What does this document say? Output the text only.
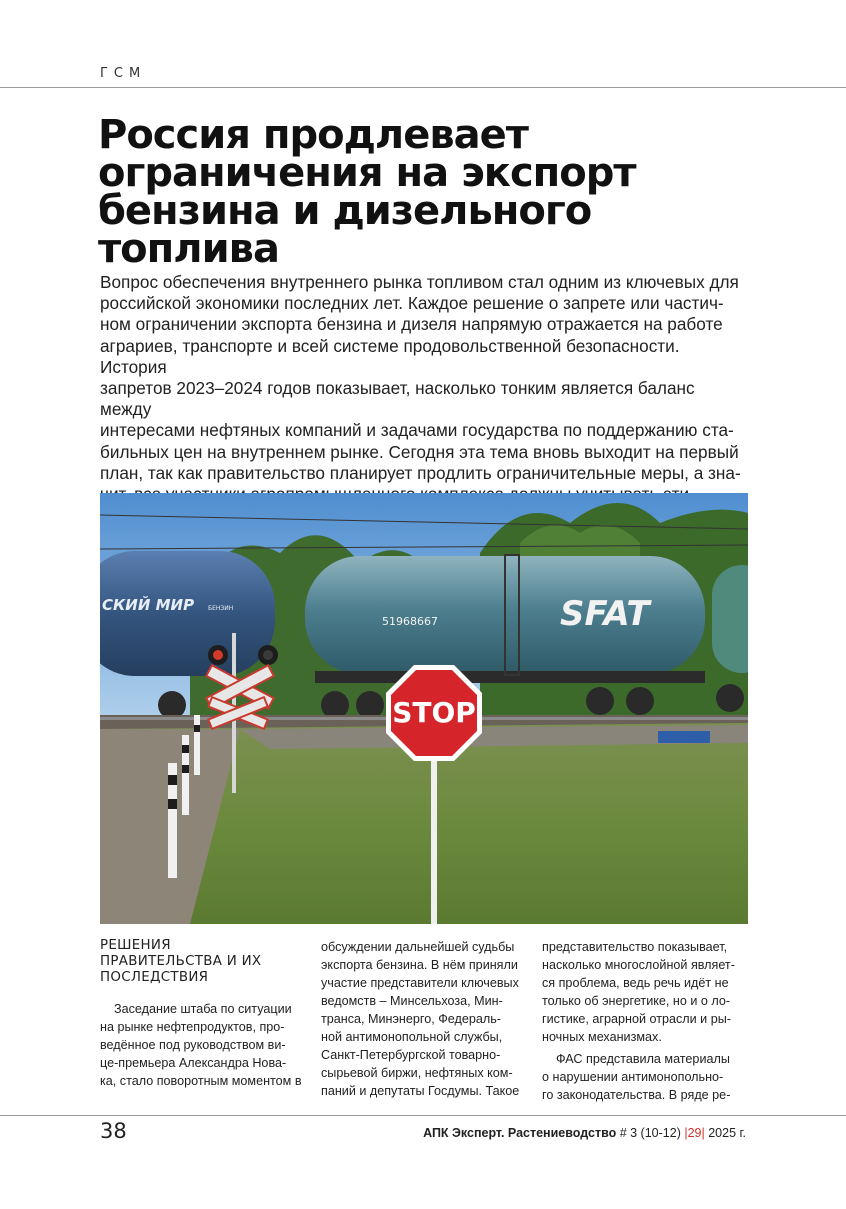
ГСМ
Россия продлевает
ограничения на экспорт
бензина и дизельного
топлива

Вопрос обеспечения внутреннего рынка топливом стал одним из ключевых для
российской экономики последних лет. Каждое решение о запрете или частич-
ном ограничении экспорта бензина и дизеля напрямую отражается на работе
аграриев, транспорте и всей системе продовольственной безопасности. История
запретов 2023–2024 годов показывает, насколько тонким является баланс между
интересами нефтяных компаний и задачами государства по поддержанию ста-
бильных цен на внутреннем рынке. Сегодня эта тема вновь выходит на первый
план, так как правительство планирует продлить ограничительные меры, а зна-

СКИЙ МИР БЕНЗИН	SFAT
51968667
STOP
РЕШЕНИЯ
ПРАВИТЕЛЬСТВА И ИХ
ПОСЛЕДСТВИЯ

Заседание штаба по ситуации
на рынке нефтепродуктов, про-
ведённое под руководством ви-
це-премьера Александра Нова-
ка, стало поворотным моментом в

обсуждении дальнейшей судьбы
экспорта бензина. В нём приняли
участие представители ключевых
ведомств – Минсельхоза, Мин-
транса, Минэнерго, Федераль-
ной антимонопольной службы,
Санкт-Петербургской товарно-
сырьевой биржи, нефтяных ком-
паний и депутаты Госдумы. Такое

представительство показывает,
насколько многослойной являет-
ся проблема, ведь речь идёт не
только об энергетике, но и о ло-
гистике, аграрной отрасли и ры-
ночных механизмах.

ФАС представила материалы
о нарушении антимонопольно-
го законодательства. В ряде ре-

38	АПК Эксперт. Растениеводство # 3 (10-12) |29| 2025 г.
